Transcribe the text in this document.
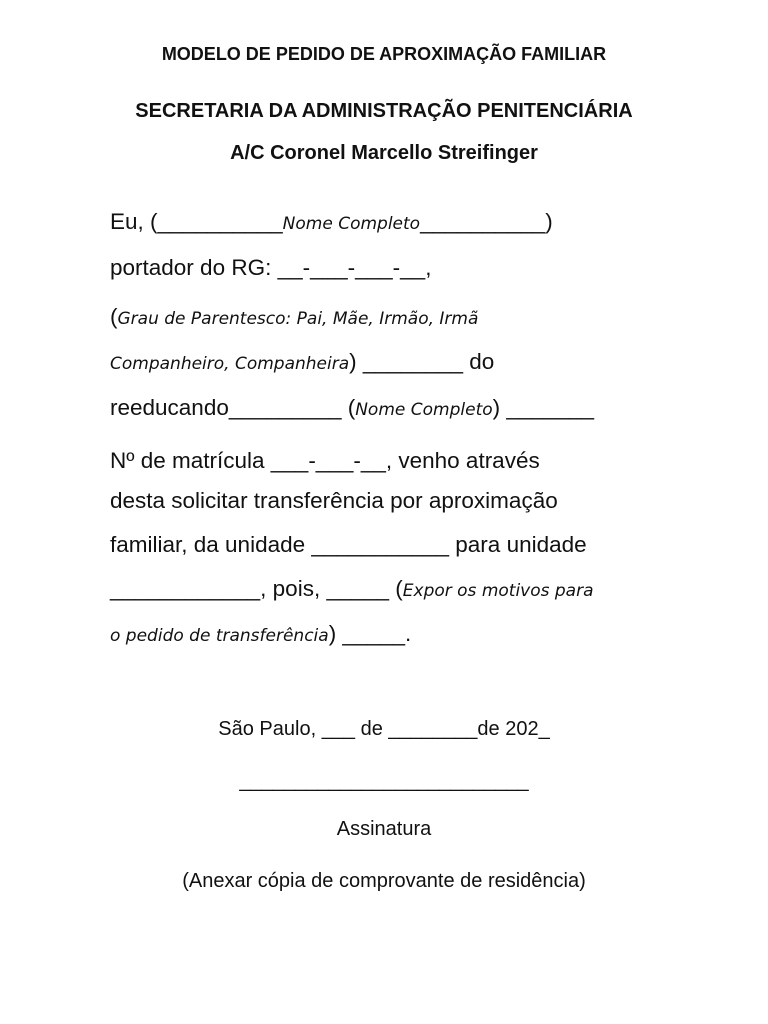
MODELO DE PEDIDO DE APROXIMAÇÃO FAMILIAR
SECRETARIA DA ADMINISTRAÇÃO PENITENCIÁRIA
A/C Coronel Marcello Streifinger
Eu, (__________Nome Completo__________)
portador do RG: __-___-___-__,
(Grau de Parentesco: Pai, Mãe, Irmão, Irmã
Companheiro, Companheira) ________ do
reeducando_________ (Nome Completo) _______
Nº de matrícula ___-___-__, venho através
desta solicitar transferência por aproximação
familiar, da unidade ___________ para unidade
____________, pois, _____ (Expor os motivos para
o pedido de transferência) _____.
São Paulo, ___ de ________de 202_
__________________________
Assinatura
(Anexar cópia de comprovante de residência)
